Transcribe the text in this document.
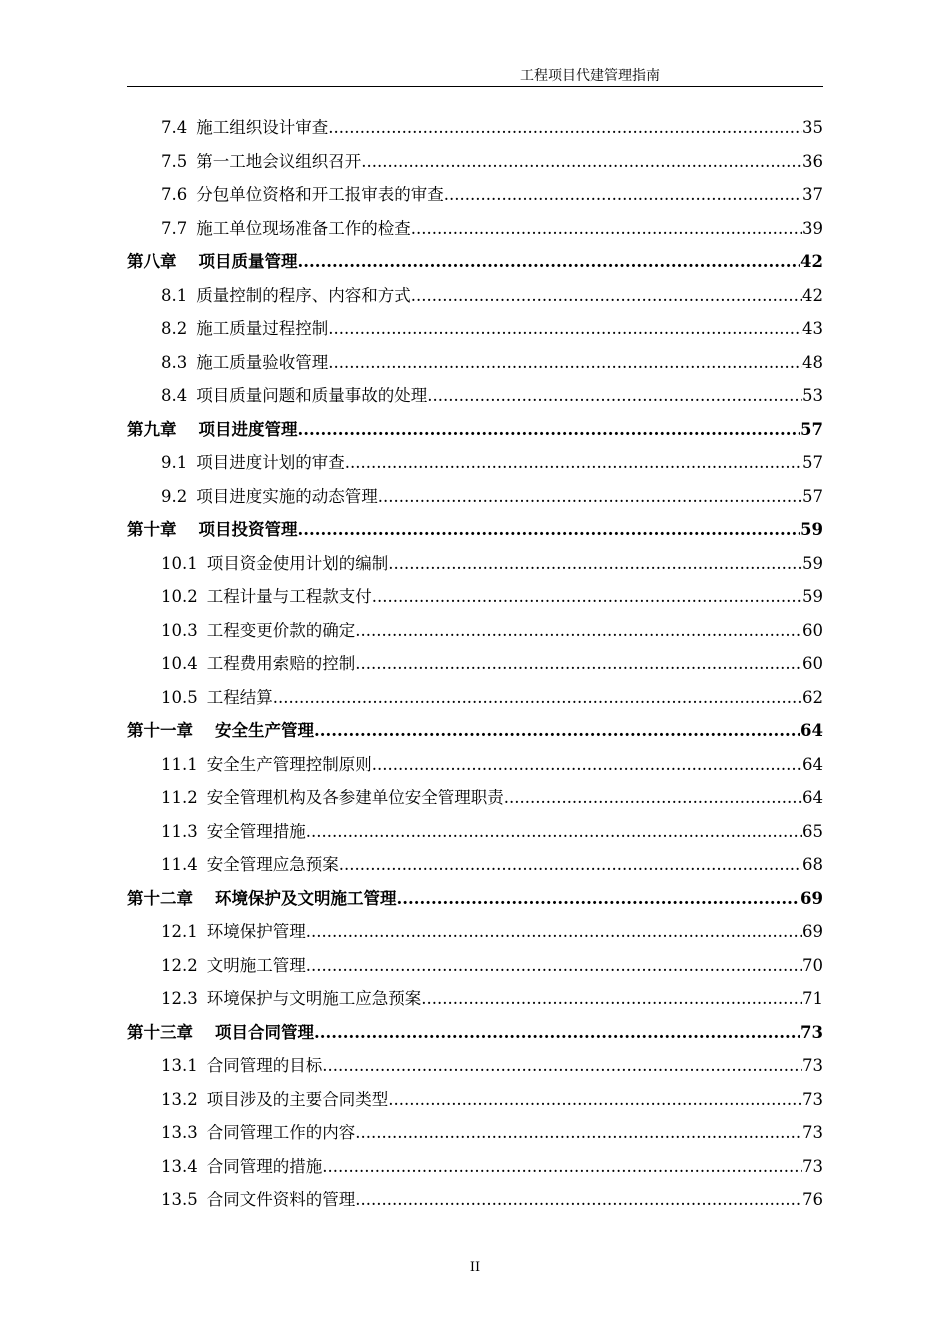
工程项目代建管理指南
7.4 施工组织设计审查 .....	35
7.5 第一工地会议组织召开 .....	36
7.6 分包单位资格和开工报审表的审查 .....	37
7.7 施工单位现场准备工作的检查 .....	39
第八章 项目质量管理 .....	42
8.1 质量控制的程序、内容和方式 .....	42
8.2 施工质量过程控制 .....	43
8.3 施工质量验收管理 .....	48
8.4 项目质量问题和质量事故的处理 .....	53
第九章 项目进度管理 .....	57
9.1 项目进度计划的审查 .....	57
9.2 项目进度实施的动态管理 .....	57
第十章 项目投资管理 .....	59
10.1 项目资金使用计划的编制 .....	59
10.2 工程计量与工程款支付 .....	59
10.3 工程变更价款的确定 .....	60
10.4 工程费用索赔的控制 .....	60
10.5 工程结算 .....	62
第十一章 安全生产管理 .....	64
11.1 安全生产管理控制原则 .....	64
11.2 安全管理机构及各参建单位安全管理职责 .....	64
11.3 安全管理措施 .....	65
11.4 安全管理应急预案 .....	68
第十二章 环境保护及文明施工管理 .....	69
12.1 环境保护管理 .....	69
12.2 文明施工管理 .....	70
12.3 环境保护与文明施工应急预案 .....	71
第十三章 项目合同管理 .....	73
13.1 合同管理的目标 .....	73
13.2 项目涉及的主要合同类型 .....	73
13.3 合同管理工作的内容 .....	73
13.4 合同管理的措施 .....	73
13.5 合同文件资料的管理 .....	76
II
